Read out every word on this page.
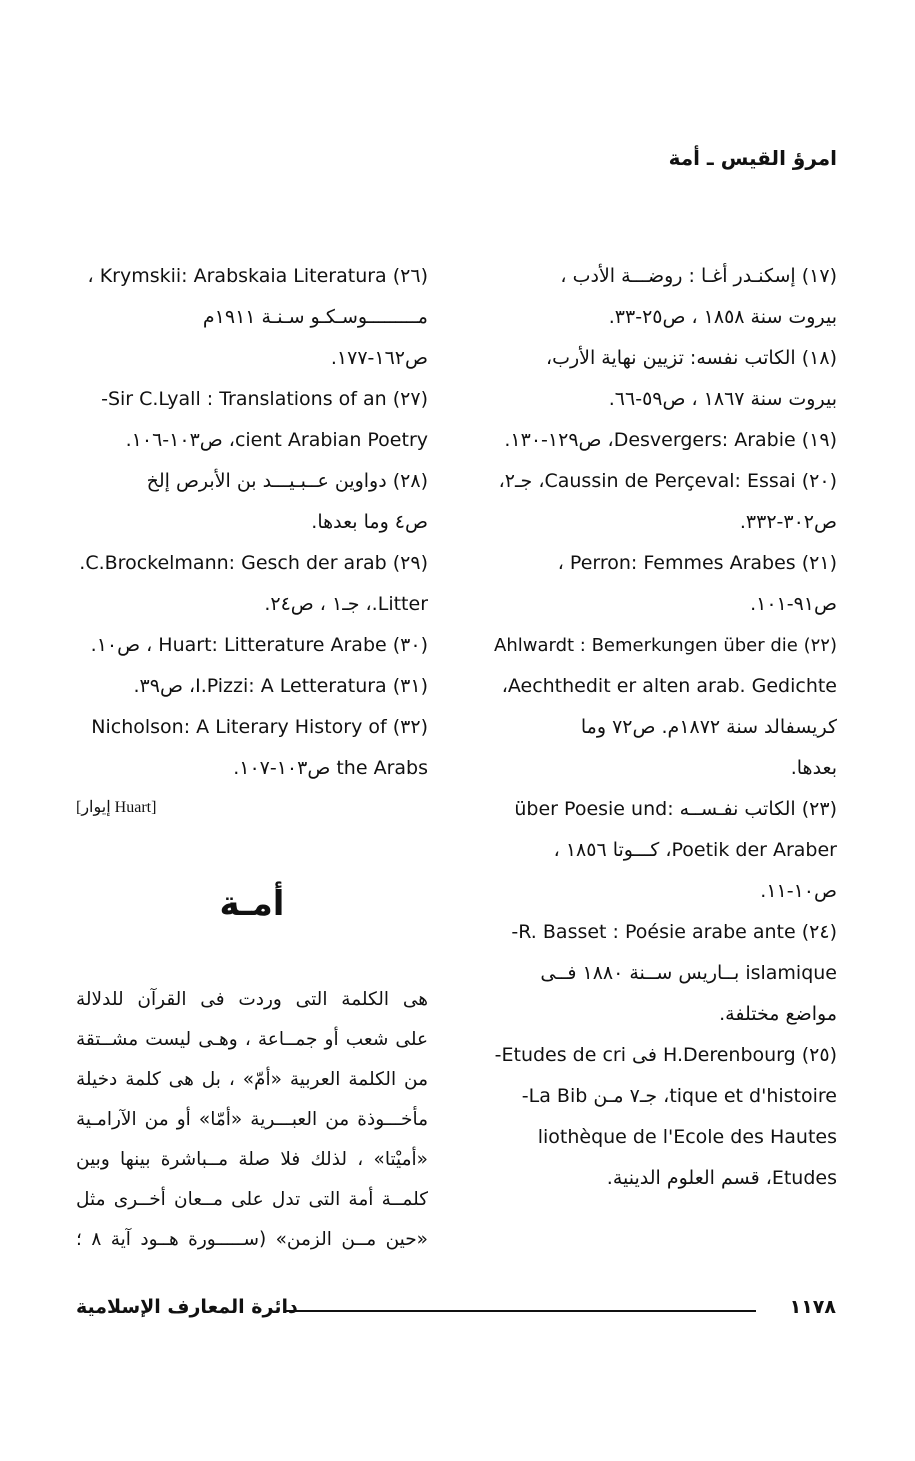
امرؤ القيس ـ أمة
(١٧) إسكنـدر أغـا : روضـــة الأدب ،
بيروت سنة ١٨٥٨ ، ص٢٥-٣٣.
(١٨) الكاتب نفسه: تزيين نهاية الأرب،
بيروت سنة ١٨٦٧ ، ص٥٩-٦٦.
(١٩) Desvergers: Arabie، ص١٢٩-١٣٠.
(٢٠) Caussin de Perçeval: Essai، جـ٢،
ص٣٠٢-٣٣٢.
(٢١) Perron: Femmes Arabes ،
ص٩١-١٠١.
(٢٢) Ahlwardt : Bemerkungen über die
Aechthedit er alten arab. Gedichte،
كريسفالد سنة ١٨٧٢م. ص٧٢ وما
بعدها.
(٢٣) الكاتب نفـســه :über Poesie und
Poetik der Araber، كـــوتا ١٨٥٦ ،
ص١٠-١١.
(٢٤) R. Basset : Poésie arabe ante-
islamique بــاريس ســنة ١٨٨٠ فــى
مواضع مختلفة.
(٢٥) H.Derenbourg فى Etudes de cri-
tique et d'histoire، جـ٧ مـن La Bib-
liothèque de l'Ecole des Hautes
Etudes، قسم العلوم الدينية.
(٢٦) Krymskii: Arabskaia Literatura ،
مـــــــــوسـكـو سـنـة ١٩١١م
ص١٦٢-١٧٧.
(٢٧) Sir C.Lyall : Translations of an-
cient Arabian Poetry، ص١٠٣-١٠٦.
(٢٨) دواوين عــبـيـــد بن الأبرص إلخ
ص٤ وما بعدها.
(٢٩) C.Brockelmann: Gesch der arab.
Litter.، جـ١ ، ص٢٤.
(٣٠) Huart: Litterature Arabe ، ص١٠.
(٣١) I.Pizzi: A Letteratura، ص٣٩.
(٣٢) Nicholson: A Literary History of
the Arabs ص١٠٣-١٠٧.
[إيوار Huart]
أمـة
هى الكلمة التى وردت فى القرآن للدلالة
على شعب أو جمــاعة ، وهـى ليست مشــتقة
من الكلمة العربية «أمّ» ، بل هى كلمة دخيلة
مأخـــوذة من العبـــرية «أمّا» أو من الآرامـية
«أميْتا» ، لذلك فلا صلة مــباشرة بينها وبين
كلمــة أمة التى تدل على مــعان أخــرى مثل
«حين مــن الزمن» (ســـــورة هــود آية ٨ ؛
١١٧٨
دائرة المعارف الإسلامية
